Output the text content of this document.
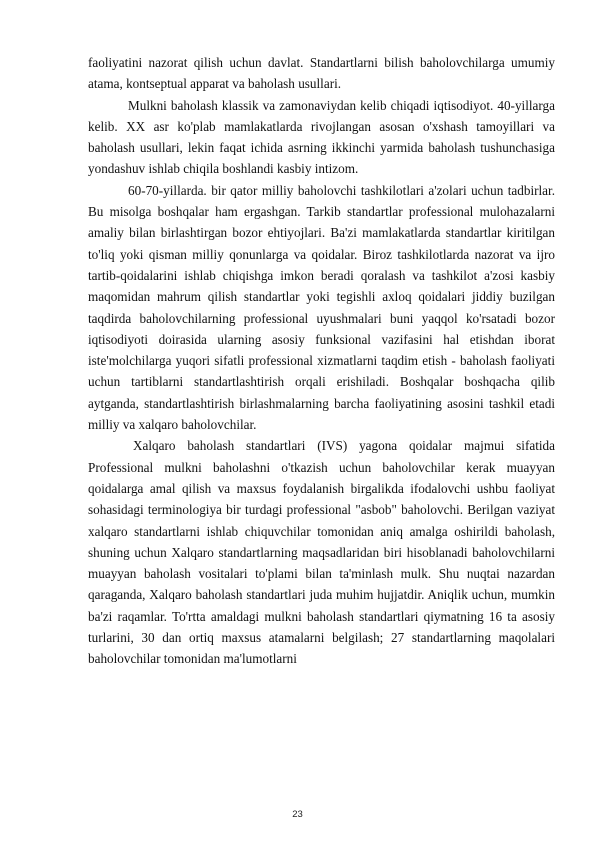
faoliyatini nazorat qilish uchun davlat. Standartlarni bilish baholovchilarga umumiy atama, kontseptual apparat va baholash usullari.

Mulkni baholash klassik va zamonaviydan kelib chiqadi iqtisodiyot. 40-yillarga kelib. XX asr ko'plab mamlakatlarda rivojlangan asosan o'xshash tamoyillari va baholash usullari, lekin faqat ichida asrning ikkinchi yarmida baholash tushunchasiga yondashuv ishlab chiqila boshlandi kasbiy intizom.

60-70-yillarda. bir qator milliy baholovchi tashkilotlari a'zolari uchun tadbirlar. Bu misolga boshqalar ham ergashgan. Tarkib standartlar professional mulohazalarni amaliy bilan birlashtirgan bozor ehtiyojlari. Ba'zi mamlakatlarda standartlar kiritilgan to'liq yoki qisman milliy qonunlarga va qoidalar. Biroz tashkilotlarda nazorat va ijro tartib-qoidalarini ishlab chiqishga imkon beradi qoralash va tashkilot a'zosi kasbiy maqomidan mahrum qilish standartlar yoki tegishli axloq qoidalari jiddiy buzilgan taqdirda baholovchilarning professional uyushmalari buni yaqqol ko'rsatadi bozor iqtisodiyoti doirasida ularning asosiy funksional vazifasini hal etishdan iborat iste'molchilarga yuqori sifatli professional xizmatlarni taqdim etish - baholash faoliyati uchun tartiblarni standartlashtirish orqali erishiladi. Boshqalar boshqacha qilib aytganda, standartlashtirish birlashmalarning barcha faoliyatining asosini tashkil etadi milliy va xalqaro baholovchilar.

Xalqaro baholash standartlari (IVS) yagona qoidalar majmui sifatida Professional mulkni baholashni o'tkazish uchun baholovchilar kerak muayyan qoidalarga amal qilish va maxsus foydalanish birgalikda ifodalovchi ushbu faoliyat sohasidagi terminologiya bir turdagi professional "asbob" baholovchi. Berilgan vaziyat xalqaro standartlarni ishlab chiquvchilar tomonidan aniq amalga oshirildi baholash, shuning uchun Xalqaro standartlarning maqsadlaridan biri hisoblanadi baholovchilarni muayyan baholash vositalari to'plami bilan ta'minlash mulk. Shu nuqtai nazardan qaraganda, Xalqaro baholash standartlari juda muhim hujjatdir. Aniqlik uchun, mumkin ba'zi raqamlar. To'rtta amaldagi mulkni baholash standartlari qiymatning 16 ta asosiy turlarini, 30 dan ortiq maxsus atamalarni belgilash; 27 standartlarning maqolalari baholovchilar tomonidan ma'lumotlarni

23
